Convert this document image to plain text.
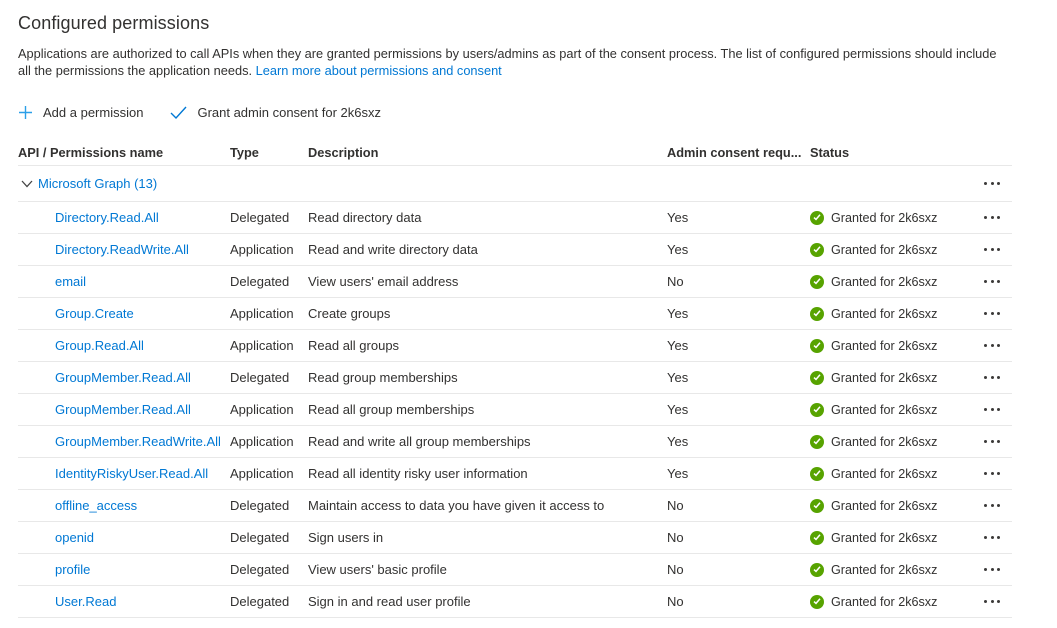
Configured permissions
Applications are authorized to call APIs when they are granted permissions by users/admins as part of the consent process. The list of configured permissions should include all the permissions the application needs. Learn more about permissions and consent
Add a permission	Grant admin consent for 2k6sxz
API / Permissions name	Type	Description	Admin consent requ... Status
Microsoft Graph (13)
Directory.Read.All	Delegated	Read directory data	Yes	Granted for 2k6sxz
Directory.ReadWrite.All	Application	Read and write directory data	Yes	Granted for 2k6sxz
email	Delegated	View users' email address	No	Granted for 2k6sxz
Group.Create	Application	Create groups	Yes	Granted for 2k6sxz
Group.Read.All	Application	Read all groups	Yes	Granted for 2k6sxz
GroupMember.Read.All	Delegated	Read group memberships	Yes	Granted for 2k6sxz
GroupMember.Read.All	Application	Read all group memberships	Yes	Granted for 2k6sxz
GroupMember.ReadWrite.All Application	Read and write all group memberships	Yes	Granted for 2k6sxz
IdentityRiskyUser.Read.All	Application	Read all identity risky user information	Yes	Granted for 2k6sxz
offline_access	Delegated	Maintain access to data you have given it access to	No	Granted for 2k6sxz
openid	Delegated	Sign users in	No	Granted for 2k6sxz
profile	Delegated	View users' basic profile	No	Granted for 2k6sxz
User.Read	Delegated	Sign in and read user profile	No	Granted for 2k6sxz
